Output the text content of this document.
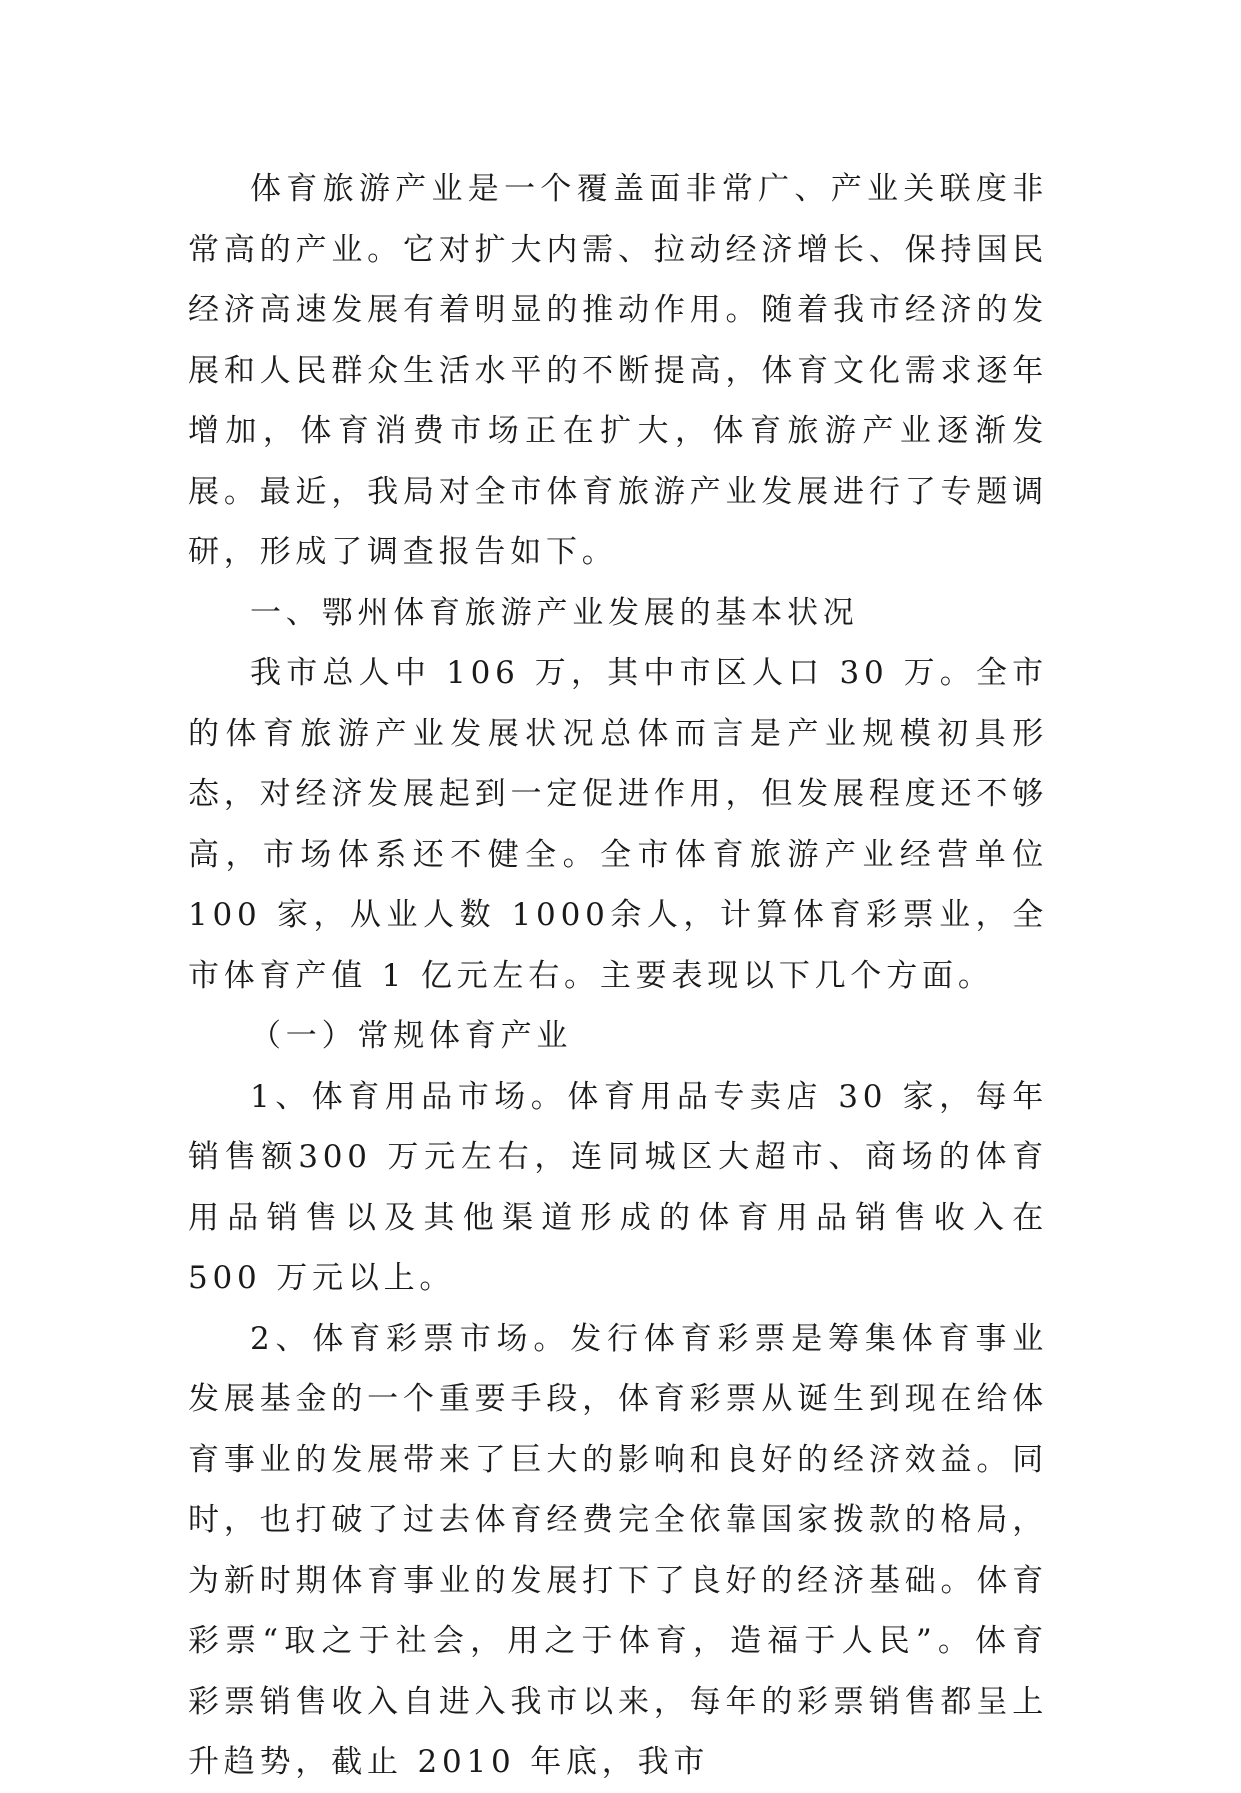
体育旅游产业是一个覆盖面非常广、产业关联度非常高的产业。它对扩大内需、拉动经济增长、保持国民经济高速发展有着明显的推动作用。随着我市经济的发展和人民群众生活水平的不断提高，体育文化需求逐年增加，体育消费市场正在扩大，体育旅游产业逐渐发展。最近，我局对全市体育旅游产业发展进行了专题调研，形成了调查报告如下。

一、鄂州体育旅游产业发展的基本状况

我市总人中 106 万，其中市区人口 30 万。全市的体育旅游产业发展状况总体而言是产业规模初具形态，对经济发展起到一定促进作用，但发展程度还不够高，市场体系还不健全。全市体育旅游产业经营单位 100 家，从业人数 1000余人，计算体育彩票业，全市体育产值 1 亿元左右。主要表现以下几个方面。

（一）常规体育产业

1、体育用品市场。体育用品专卖店 30 家，每年销售额300 万元左右，连同城区大超市、商场的体育用品销售以及其他渠道形成的体育用品销售收入在 500 万元以上。

2、体育彩票市场。发行体育彩票是筹集体育事业发展基金的一个重要手段，体育彩票从诞生到现在给体育事业的发展带来了巨大的影响和良好的经济效益。同时，也打破了过去体育经费完全依靠国家拨款的格局，为新时期体育事业的发展打下了良好的经济基础。体育彩票“取之于社会，用之于体育，造福于人民”。体育彩票销售收入自进入我市以来，每年的彩票销售都呈上升趋势，截止 2010 年底，我市
